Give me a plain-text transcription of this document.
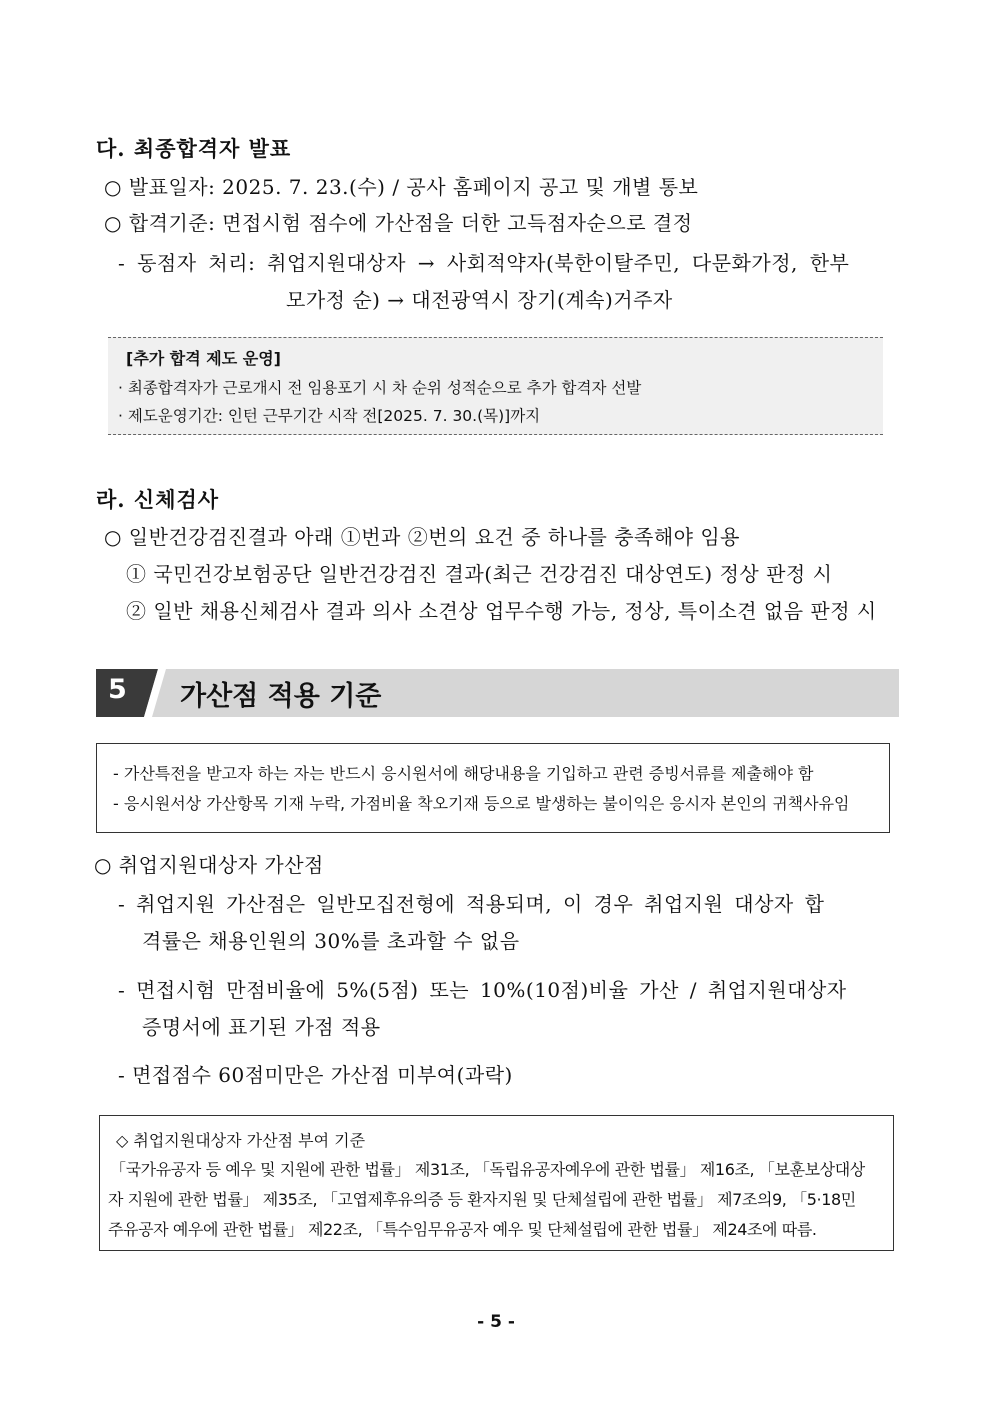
다. 최종합격자 발표
○ 발표일자: 2025. 7. 23.(수) / 공사 홈페이지 공고 및 개별 통보
○ 합격기준: 면접시험 점수에 가산점을 더한 고득점자순으로 결정
- 동점자 처리: 취업지원대상자 → 사회적약자(북한이탈주민, 다문화가정, 한부
모가정 순) → 대전광역시 장기(계속)거주자
[추가 합격 제도 운영]
· 최종합격자가 근로개시 전 임용포기 시 차 순위 성적순으로 추가 합격자 선발
· 제도운영기간: 인턴 근무기간 시작 전[2025. 7. 30.(목)]까지
라. 신체검사
○ 일반건강검진결과 아래 ①번과 ②번의 요건 중 하나를 충족해야 임용
① 국민건강보험공단 일반건강검진 결과(최근 건강검진 대상연도) 정상 판정 시
② 일반 채용신체검사 결과 의사 소견상 업무수행 가능, 정상, 특이소견 없음 판정 시
5 가산점 적용 기준
- 가산특전을 받고자 하는 자는 반드시 응시원서에 해당내용을 기입하고 관련 증빙서류를 제출해야 함
- 응시원서상 가산항목 기재 누락, 가점비율 착오기재 등으로 발생하는 불이익은 응시자 본인의 귀책사유임
○ 취업지원대상자 가산점
- 취업지원 가산점은 일반모집전형에 적용되며, 이 경우 취업지원 대상자 합
격률은 채용인원의 30%를 초과할 수 없음
- 면접시험 만점비율에 5%(5점) 또는 10%(10점)비율 가산 / 취업지원대상자
증명서에 표기된 가점 적용
- 면접점수 60점미만은 가산점 미부여(과락)
◇ 취업지원대상자 가산점 부여 기준
「국가유공자 등 예우 및 지원에 관한 법률」 제31조, 「독립유공자예우에 관한 법률」 제16조, 「보훈보상대상
자 지원에 관한 법률」 제35조, 「고엽제후유의증 등 환자지원 및 단체설립에 관한 법률」 제7조의9, 「5·18민
주유공자 예우에 관한 법률」 제22조, 「특수임무유공자 예우 및 단체설립에 관한 법률」 제24조에 따름.
- 5 -
